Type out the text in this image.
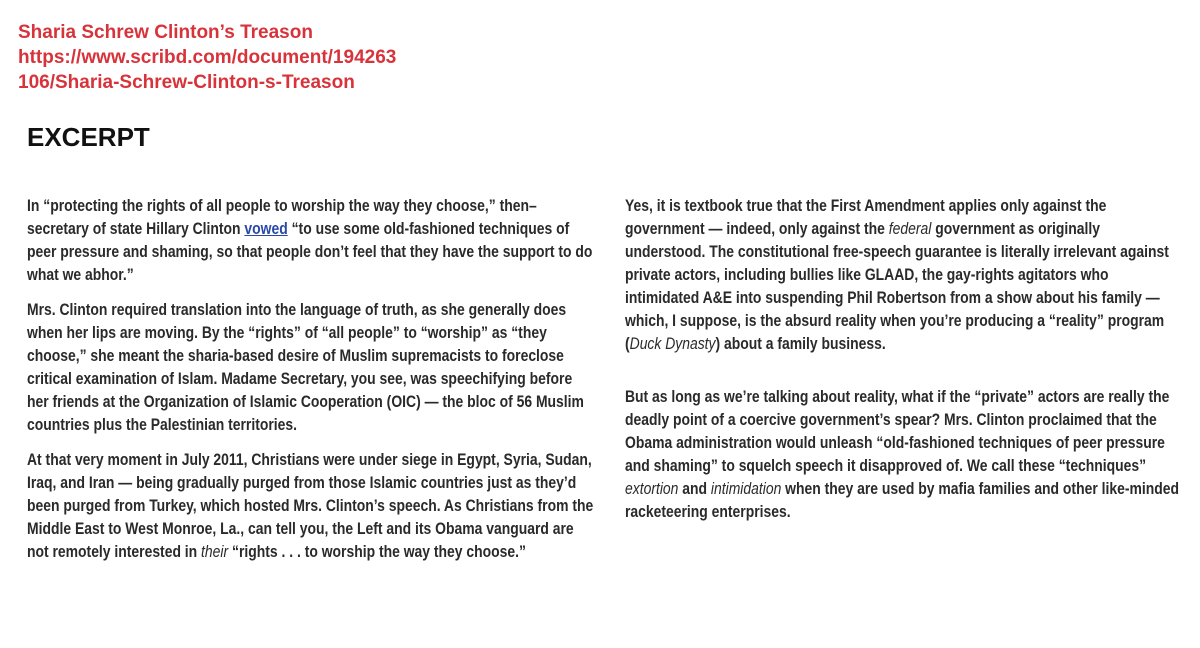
Sharia Schrew Clinton’s Treason
https://www.scribd.com/document/194263
106/Sharia-Schrew-Clinton-s-Treason
EXCERPT

In “protecting the rights of all people to worship the way they choose,” then–secretary of state Hillary Clinton vowed “to use some old-fashioned techniques of peer pressure and shaming, so that people don’t feel that they have the support to do what we abhor.”

Mrs. Clinton required translation into the language of truth, as she generally does when her lips are moving. By the “rights” of “all people” to “worship” as “they choose,” she meant the sharia-based desire of Muslim supremacists to foreclose critical examination of Islam. Madame Secretary, you see, was speechifying before her friends at the Organization of Islamic Cooperation (OIC) — the bloc of 56 Muslim countries plus the Palestinian territories.

At that very moment in July 2011, Christians were under siege in Egypt, Syria, Sudan, Iraq, and Iran — being gradually purged from those Islamic countries just as they’d been purged from Turkey, which hosted Mrs. Clinton’s speech. As Christians from the Middle East to West Monroe, La., can tell you, the Left and its Obama vanguard are not remotely interested in their “rights . . . to worship the way they choose.”

Yes, it is textbook true that the First Amendment applies only against the government — indeed, only against the federal government as originally understood. The constitutional free-speech guarantee is literally irrelevant against private actors, including bullies like GLAAD, the gay-rights agitators who intimidated A&E into suspending Phil Robertson from a show about his family — which, I suppose, is the absurd reality when you’re producing a “reality” program (Duck Dynasty) about a family business.

But as long as we’re talking about reality, what if the “private” actors are really the deadly point of a coercive government’s spear? Mrs. Clinton proclaimed that the Obama administration would unleash “old-fashioned techniques of peer pressure and shaming” to squelch speech it disapproved of. We call these “techniques” extortion and intimidation when they are used by mafia families and other like-minded racketeering enterprises.
